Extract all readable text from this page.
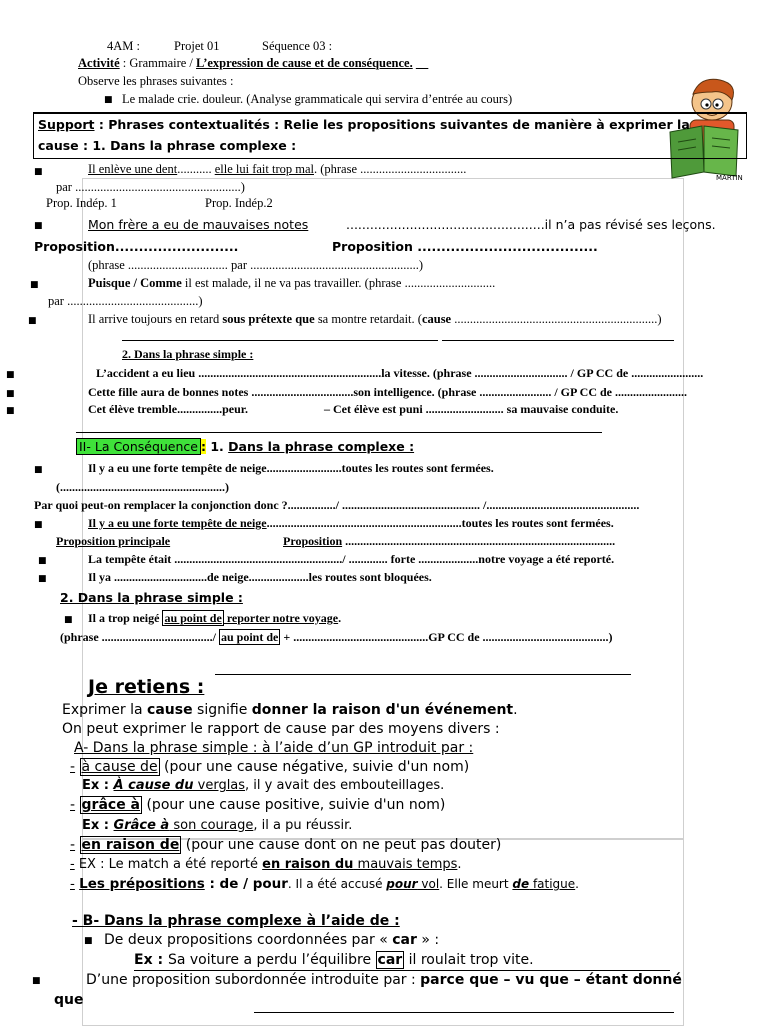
4AM :	Projet 01	Séquence 03 :
Activité : Grammaire / L’expression de cause et de conséquence.
Observe les phrases suivantes :
■ Le malade crie. douleur. (Analyse grammaticale qui servira d’entrée au cours)
MARTIN
Support : Phrases contextualités : Relie les propositions suivantes de manière à exprimer la
cause : 1. Dans la phrase complexe :
■	Il enlève une dent........... elle lui fait trop mal. (phrase ..................................
par .....................................................)
Prop. Indép. 1	Prop. Indép.2
■	Mon frère a eu de mauvaises notes	..................................................il n’a pas révisé ses leçons.
Proposition..........................	Proposition ......................................
(phrase ................................ par ......................................................)
■	Puisque / Comme il est malade, il ne va pas travailler. (phrase .............................
par ..........................................)
■	Il arrive toujours en retard sous prétexte que sa montre retardait. (cause .................................................................)
2. Dans la phrase simple :
■	L’accident a eu lieu .............................................................la vitesse. (phrase ............................... / GP CC de ........................
■	Cette fille aura de bonnes notes ..................................son intelligence. (phrase ........................ / GP CC de ........................
■	Cet élève tremble...............peur.	– Cet élève est puni .......................... sa mauvaise conduite.
II- La Conséquence : 1. Dans la phrase complexe :
■	Il y a eu une forte tempête de neige.........................toutes les routes sont fermées.
(.......................................................)
Par quoi peut-on remplacer la conjonction donc ?................/ .............................................. /...................................................
■	Il y a eu une forte tempête de neige.................................................................toutes les routes sont fermées.
Proposition principale	Proposition ..........................................................................................
■	La tempête était ......................................................../ ............. forte ....................notre voyage a été reporté.
■	Il ya ...............................de neige....................les routes sont bloquées.
2. Dans la phrase simple :
■ Il a trop neigé au point de reporter notre voyage.
(phrase ...................................../ au point de + .............................................GP CC de ..........................................)
Je retiens :
Exprimer la cause signifie donner la raison d'un événement.
On peut exprimer le rapport de cause par des moyens divers :
A- Dans la phrase simple : à l’aide d’un GP introduit par :
- à cause de (pour une cause négative, suivie d'un nom)
Ex : À cause du verglas, il y avait des embouteillages.
- grâce à (pour une cause positive, suivie d'un nom)
Ex : Grâce à son courage, il a pu réussir.
- en raison de (pour une cause dont on ne peut pas douter)
- EX : Le match a été reporté en raison du mauvais temps.
- Les prépositions : de / pour. Il a été accusé pour vol. Elle meurt de fatigue.
- B- Dans la phrase complexe à l’aide de :
■ De deux propositions coordonnées par « car » :
Ex : Sa voiture a perdu l’équilibre car il roulait trop vite.
■	D’une proposition subordonnée introduite par : parce que – vu que – étant donné
que
